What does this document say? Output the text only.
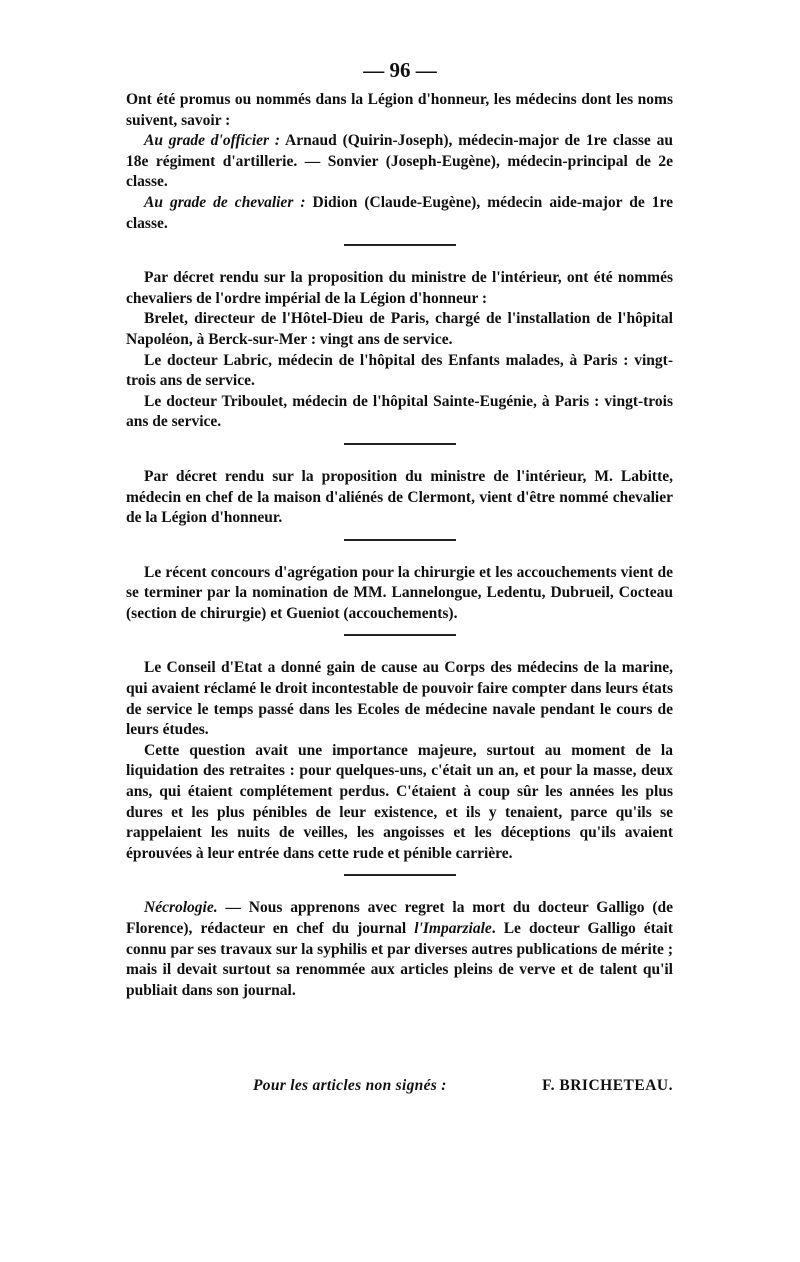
— 96 —

Ont été promus ou nommés dans la Légion d'honneur, les médecins dont les noms suivent, savoir :

Au grade d'officier : Arnaud (Quirin-Joseph), médecin-major de 1re classe au 18e régiment d'artillerie. — Sonvier (Joseph-Eugène), médecin-principal de 2e classe.

Au grade de chevalier : Didion (Claude-Eugène), médecin aide-major de 1re classe.

Par décret rendu sur la proposition du ministre de l'intérieur, ont été nommés chevaliers de l'ordre impérial de la Légion d'honneur :

Brelet, directeur de l'Hôtel-Dieu de Paris, chargé de l'installation de l'hôpital Napoléon, à Berck-sur-Mer : vingt ans de service.

Le docteur Labric, médecin de l'hôpital des Enfants malades, à Paris : vingt-trois ans de service.

Le docteur Triboulet, médecin de l'hôpital Sainte-Eugénie, à Paris : vingt-trois ans de service.

Par décret rendu sur la proposition du ministre de l'intérieur, M. Labitte, médecin en chef de la maison d'aliénés de Clermont, vient d'être nommé chevalier de la Légion d'honneur.

Le récent concours d'agrégation pour la chirurgie et les accouchements vient de se terminer par la nomination de MM. Lannelongue, Ledentu, Dubrueil, Cocteau (section de chirurgie) et Gueniot (accouchements).

Le Conseil d'Etat a donné gain de cause au Corps des médecins de la marine, qui avaient réclamé le droit incontestable de pouvoir faire compter dans leurs états de service le temps passé dans les Ecoles de médecine navale pendant le cours de leurs études.

Cette question avait une importance majeure, surtout au moment de la liquidation des retraites : pour quelques-uns, c'était un an, et pour la masse, deux ans, qui étaient complétement perdus. C'étaient à coup sûr les années les plus dures et les plus pénibles de leur existence, et ils y tenaient, parce qu'ils se rappelaient les nuits de veilles, les angoisses et les déceptions qu'ils avaient éprouvées à leur entrée dans cette rude et pénible carrière.

Nécrologie. — Nous apprenons avec regret la mort du docteur Galligo (de Florence), rédacteur en chef du journal l'Imparziale. Le docteur Galligo était connu par ses travaux sur la syphilis et par diverses autres publications de mérite ; mais il devait surtout sa renommée aux articles pleins de verve et de talent qu'il publiait dans son journal.

Pour les articles non signés :	F. BRICHETEAU.
